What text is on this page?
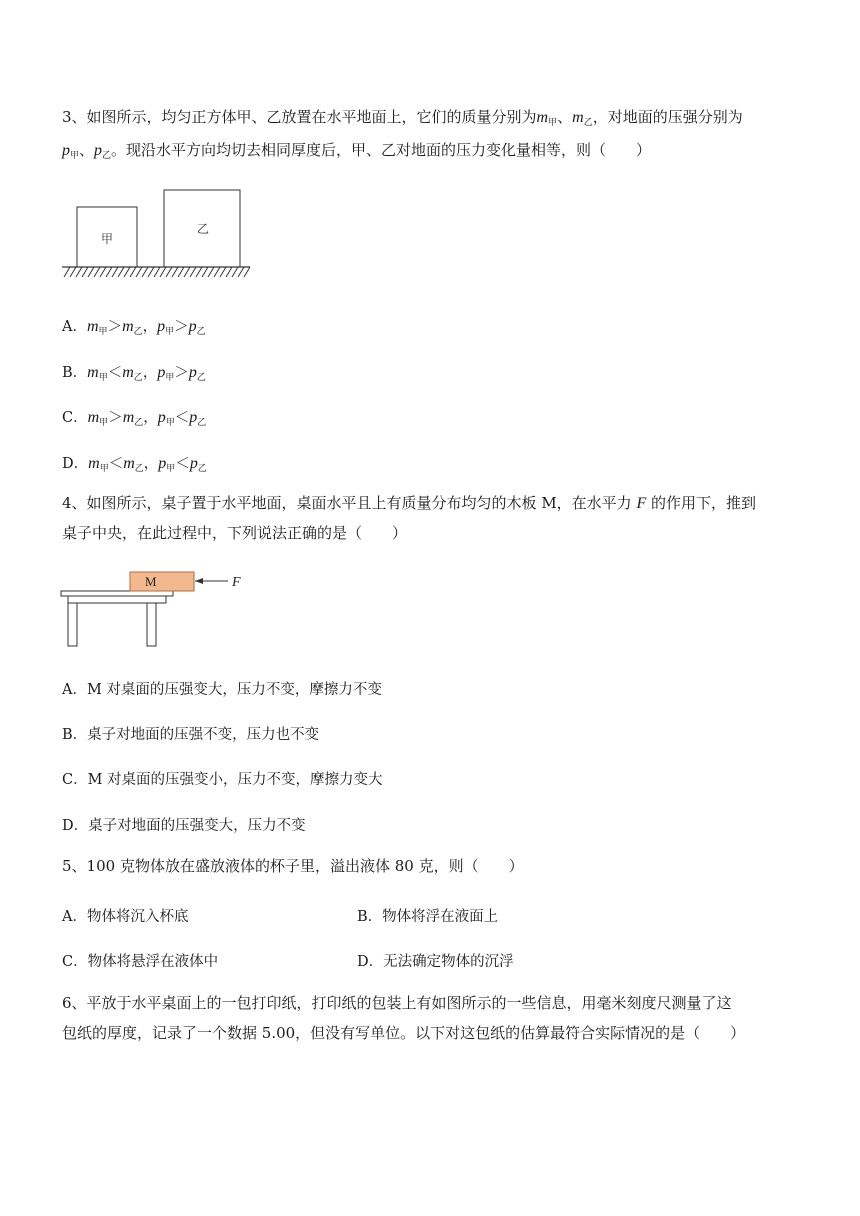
3、如图所示，均匀正方体甲、乙放置在水平地面上，它们的质量分别为$m_甲$、$m_乙$，对地面的压强分别为
$p_甲$、$p_乙$。现沿水平方向均切去相同厚度后，甲、乙对地面的压力变化量相等，则（　　）
甲
乙
A．$m_甲>m_乙$，$p_甲>p_乙$
B．$m_甲<m_乙$，$p_甲>p_乙$
C．$m_甲>m_乙$，$p_甲<p_乙$
D．$m_甲<m_乙$，$p_甲<p_乙$
4、如图所示，桌子置于水平地面，桌面水平且上有质量分布均匀的木板 M，在水平力 F 的作用下，推到
桌子中央，在此过程中，下列说法正确的是（　　）
M	F
A．M 对桌面的压强变大，压力不变，摩擦力不变
B．桌子对地面的压强不变，压力也不变
C．M 对桌面的压强变小，压力不变，摩擦力变大
D．桌子对地面的压强变大，压力不变
5、100 克物体放在盛放液体的杯子里，溢出液体 80 克，则（　　）
A．物体将沉入杯底	B．物体将浮在液面上
C．物体将悬浮在液体中	D．无法确定物体的沉浮
6、平放于水平桌面上的一包打印纸，打印纸的包装上有如图所示的一些信息，用毫米刻度尺测量了这
包纸的厚度，记录了一个数据 5.00，但没有写单位。以下对这包纸的估算最符合实际情况的是（　　）
